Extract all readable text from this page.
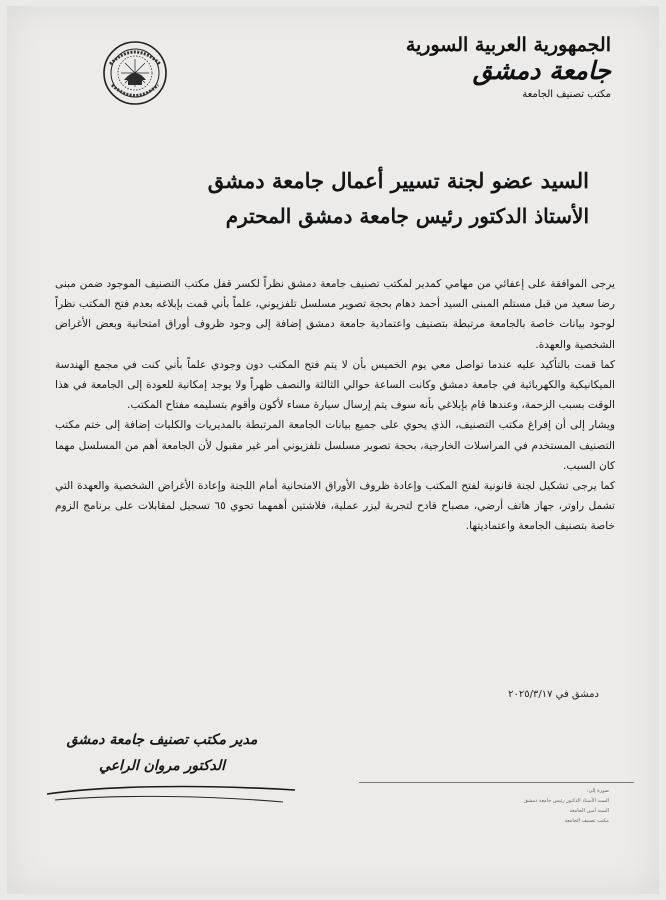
الجمهورية العربية السورية
جامعة دمشق
مكتب تصنيف الجامعة
السيد عضو لجنة تسيير أعمال جامعة دمشق
الأستاذ الدكتور رئيس جامعة دمشق المحترم

يرجى الموافقة على إعفائي من مهامي كمدير لمكتب تصنيف جامعة دمشق نظراً لكسر قفل مكتب التصنيف الموجود ضمن مبنى رضا سعيد من قبل مستلم المبنى السيد أحمد دهام بحجة تصوير مسلسل تلفزيوني، علماً بأني قمت بإبلاغه بعدم فتح المكتب نظراً لوجود بيانات خاصة بالجامعة مرتبطة بتصنيف واعتمادية جامعة دمشق إضافة إلى وجود ظروف أوراق امتحانية وبعض الأغراض الشخصية والعهدة.

كما قمت بالتأكيد عليه عندما تواصل معي يوم الخميس بأن لا يتم فتح المكتب دون وجودي علماً بأني كنت في مجمع الهندسة الميكانيكية والكهربائية في جامعة دمشق وكانت الساعة حوالي الثالثة والنصف ظهراً ولا يوجد إمكانية للعودة إلى الجامعة في هذا الوقت بسبب الزحمة، وعندها قام بإبلاغي بأنه سوف يتم إرسال سيارة مساء لأكون وأقوم بتسليمه مفتاح المكتب.

ويشار إلى أن إفراغ مكتب التصنيف، الذي يحوي على جميع بيانات الجامعة المرتبطة بالمديريات والكليات إضافة إلى ختم مكتب التصنيف المستخدم في المراسلات الخارجية، بحجة تصوير مسلسل تلفزيوني أمر غير مقبول لأن الجامعة أهم من المسلسل مهما كان السبب.

كما يرجى تشكيل لجنة قانونية لفتح المكتب وإعادة ظروف الأوراق الامتحانية أمام اللجنة وإعادة الأغراض الشخصية والعهدة التي تشمل راوتر، جهاز هاتف أرضي، مصباح قادح لتجربة ليزر عملية، فلاشتين أهمهما تحوي ٦٥ تسجيل لمقابلات على برنامج الزوم خاصة بتصنيف الجامعة واعتماديتها.

دمشق في ٢٠٢٥/٣/١٧
مدير مكتب تصنيف جامعة دمشق
الدكتور مروان الراعي
صورة إلى:
السيد الأستاذ الدكتور رئيس جامعة دمشق
السيد أمين الجامعة
مكتب تصنيف الجامعة
